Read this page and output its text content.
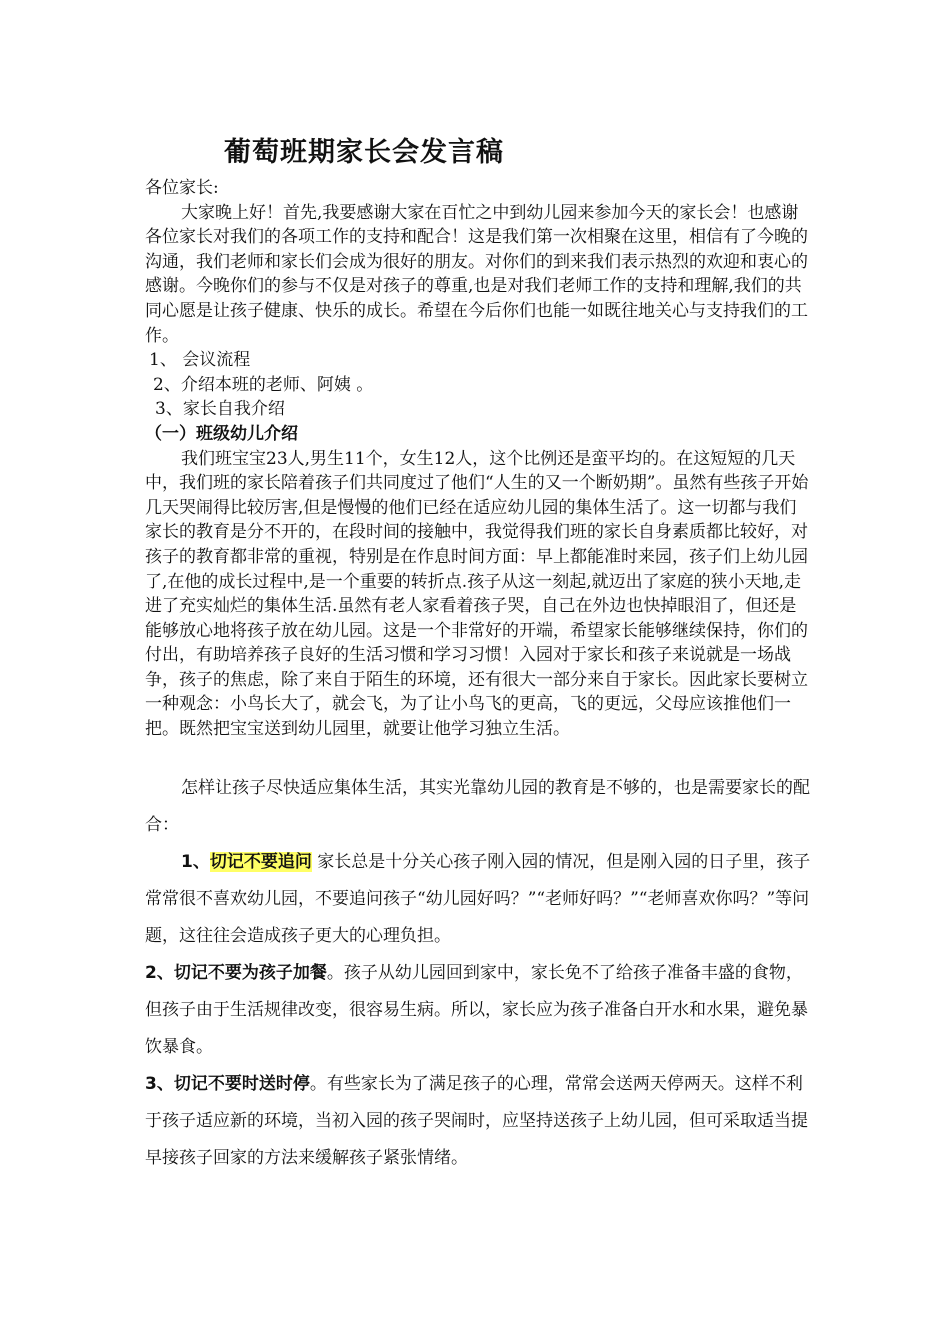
葡萄班期家长会发言稿

各位家长:

大家晚上好！首先,我要感谢大家在百忙之中到幼儿园来参加今天的家长会！也感谢各位家长对我们的各项工作的支持和配合！这是我们第一次相聚在这里，相信有了今晚的沟通，我们老师和家长们会成为很好的朋友。对你们的到来我们表示热烈的欢迎和衷心的感谢。今晚你们的参与不仅是对孩子的尊重,也是对我们老师工作的支持和理解,我们的共同心愿是让孩子健康、快乐的成长。希望在今后你们也能一如既往地关心与支持我们的工作。

1、 会议流程

2、介绍本班的老师、阿姨 。

3、家长自我介绍

（一）班级幼儿介绍

我们班宝宝23人,男生11个，女生12人，这个比例还是蛮平均的。在这短短的几天中，我们班的家长陪着孩子们共同度过了他们“人生的又一个断奶期”。虽然有些孩子开始几天哭闹得比较厉害,但是慢慢的他们已经在适应幼儿园的集体生活了。这一切都与我们家长的教育是分不开的，在段时间的接触中，我觉得我们班的家长自身素质都比较好，对孩子的教育都非常的重视，特别是在作息时间方面：早上都能准时来园，孩子们上幼儿园了,在他的成长过程中,是一个重要的转折点.孩子从这一刻起,就迈出了家庭的狭小天地,走进了充实灿烂的集体生活.虽然有老人家看着孩子哭，自己在外边也快掉眼泪了，但还是能够放心地将孩子放在幼儿园。这是一个非常好的开端，希望家长能够继续保持，你们的付出，有助培养孩子良好的生活习惯和学习习惯！入园对于家长和孩子来说就是一场战争，孩子的焦虑，除了来自于陌生的环境，还有很大一部分来自于家长。因此家长要树立一种观念：小鸟长大了，就会飞，为了让小鸟飞的更高，飞的更远，父母应该推他们一把。既然把宝宝送到幼儿园里，就要让他学习独立生活。

怎样让孩子尽快适应集体生活，其实光靠幼儿园的教育是不够的，也是需要家长的配合：

1、切记不要追问 家长总是十分关心孩子刚入园的情况，但是刚入园的日子里，孩子常常很不喜欢幼儿园，不要追问孩子“幼儿园好吗？”“老师好吗？”“老师喜欢你吗？”等问题，这往往会造成孩子更大的心理负担。

2、切记不要为孩子加餐。孩子从幼儿园回到家中，家长免不了给孩子准备丰盛的食物，但孩子由于生活规律改变，很容易生病。所以，家长应为孩子准备白开水和水果，避免暴饮暴食。

3、切记不要时送时停。有些家长为了满足孩子的心理，常常会送两天停两天。这样不利于孩子适应新的环境，当初入园的孩子哭闹时，应坚持送孩子上幼儿园，但可采取适当提早接孩子回家的方法来缓解孩子紧张情绪。
